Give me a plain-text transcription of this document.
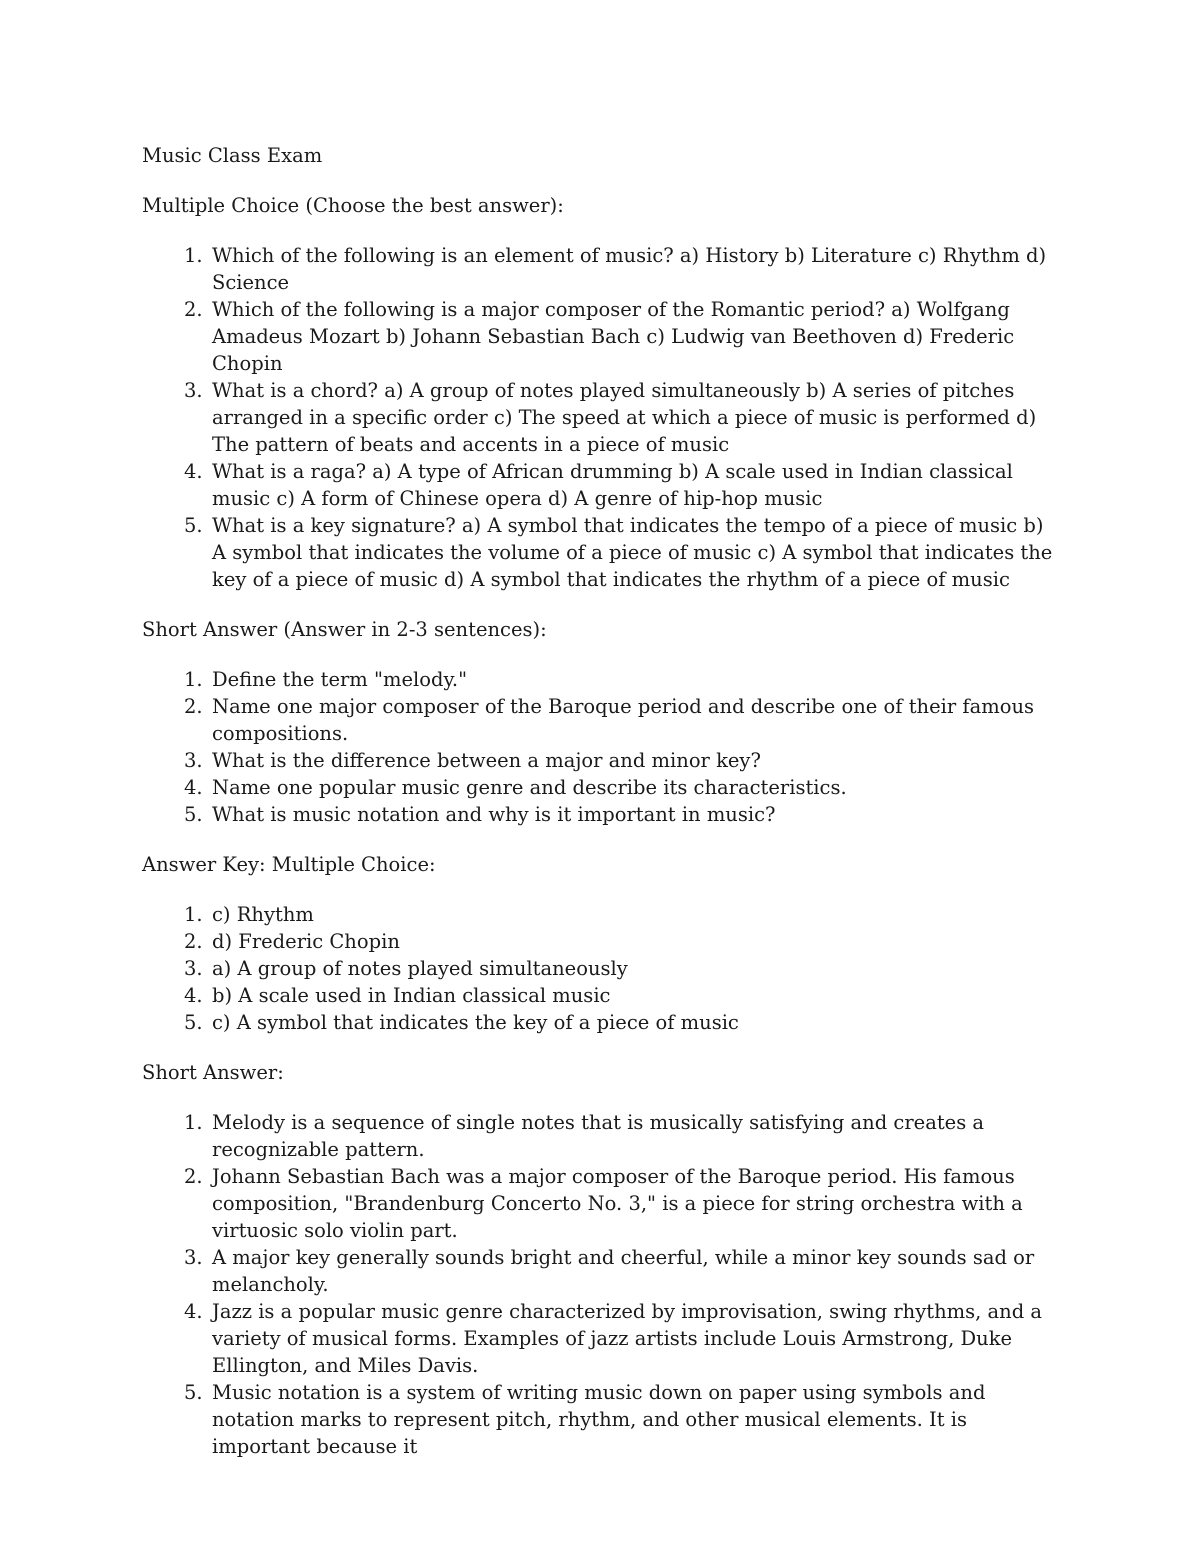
Music Class Exam
Multiple Choice (Choose the best answer):
1. Which of the following is an element of music? a) History b) Literature c) Rhythm d) Science
2. Which of the following is a major composer of the Romantic period? a) Wolfgang Amadeus Mozart b) Johann Sebastian Bach c) Ludwig van Beethoven d) Frederic Chopin
3. What is a chord? a) A group of notes played simultaneously b) A series of pitches arranged in a specific order c) The speed at which a piece of music is performed d) The pattern of beats and accents in a piece of music
4. What is a raga? a) A type of African drumming b) A scale used in Indian classical music c) A form of Chinese opera d) A genre of hip-hop music
5. What is a key signature? a) A symbol that indicates the tempo of a piece of music b) A symbol that indicates the volume of a piece of music c) A symbol that indicates the key of a piece of music d) A symbol that indicates the rhythm of a piece of music
Short Answer (Answer in 2-3 sentences):
1. Define the term "melody."
2. Name one major composer of the Baroque period and describe one of their famous compositions.
3. What is the difference between a major and minor key?
4. Name one popular music genre and describe its characteristics.
5. What is music notation and why is it important in music?
Answer Key: Multiple Choice:
1. c) Rhythm
2. d) Frederic Chopin
3. a) A group of notes played simultaneously
4. b) A scale used in Indian classical music
5. c) A symbol that indicates the key of a piece of music
Short Answer:
1. Melody is a sequence of single notes that is musically satisfying and creates a recognizable pattern.
2. Johann Sebastian Bach was a major composer of the Baroque period. His famous composition, "Brandenburg Concerto No. 3," is a piece for string orchestra with a virtuosic solo violin part.
3. A major key generally sounds bright and cheerful, while a minor key sounds sad or melancholy.
4. Jazz is a popular music genre characterized by improvisation, swing rhythms, and a variety of musical forms. Examples of jazz artists include Louis Armstrong, Duke Ellington, and Miles Davis.
5. Music notation is a system of writing music down on paper using symbols and notation marks to represent pitch, rhythm, and other musical elements. It is important because it
